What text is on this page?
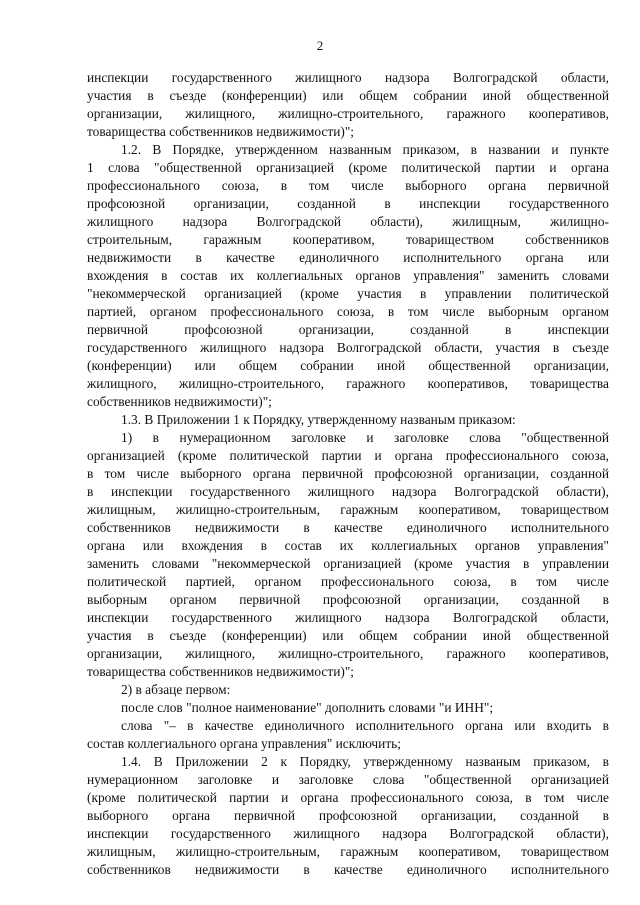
2
инспекции государственного жилищного надзора Волгоградской области,
участия в съезде (конференции) или общем собрании иной общественной
организации, жилищного, жилищно-строительного, гаражного кооперативов,
товарищества собственников недвижимости)";
1.2. В Порядке, утвержденном названным приказом, в названии и пункте
1 слова "общественной организацией (кроме политической партии и органа
профессионального союза, в том числе выборного органа первичной
профсоюзной организации, созданной в инспекции государственного
жилищного надзора Волгоградской области), жилищным, жилищно-
строительным, гаражным кооперативом, товариществом собственников
недвижимости в качестве единоличного исполнительного органа или
вхождения в состав их коллегиальных органов управления" заменить словами
"некоммерческой организацией (кроме участия в управлении политической
партией, органом профессионального союза, в том числе выборным органом
первичной профсоюзной организации, созданной в инспекции
государственного жилищного надзора Волгоградской области, участия в съезде
(конференции) или общем собрании иной общественной организации,
жилищного, жилищно-строительного, гаражного кооперативов, товарищества
собственников недвижимости)";
1.3. В Приложении 1 к Порядку, утвержденному названым приказом:
1) в нумерационном заголовке и заголовке слова "общественной
организацией (кроме политической партии и органа профессионального союза,
в том числе выборного органа первичной профсоюзной организации, созданной
в инспекции государственного жилищного надзора Волгоградской области),
жилищным, жилищно-строительным, гаражным кооперативом, товариществом
собственников недвижимости в качестве единоличного исполнительного
органа или вхождения в состав их коллегиальных органов управления"
заменить словами "некоммерческой организацией (кроме участия в управлении
политической партией, органом профессионального союза, в том числе
выборным органом первичной профсоюзной организации, созданной в
инспекции государственного жилищного надзора Волгоградской области,
участия в съезде (конференции) или общем собрании иной общественной
организации, жилищного, жилищно-строительного, гаражного кооперативов,
товарищества собственников недвижимости)";
2) в абзаце первом:
после слов "полное наименование" дополнить словами "и ИНН";
слова "– в качестве единоличного исполнительного органа или входить в
состав коллегиального органа управления" исключить;
1.4. В Приложении 2 к Порядку, утвержденному названым приказом, в
нумерационном заголовке и заголовке слова "общественной организацией
(кроме политической партии и органа профессионального союза, в том числе
выборного органа первичной профсоюзной организации, созданной в
инспекции государственного жилищного надзора Волгоградской области),
жилищным, жилищно-строительным, гаражным кооперативом, товариществом
собственников недвижимости в качестве единоличного исполнительного
